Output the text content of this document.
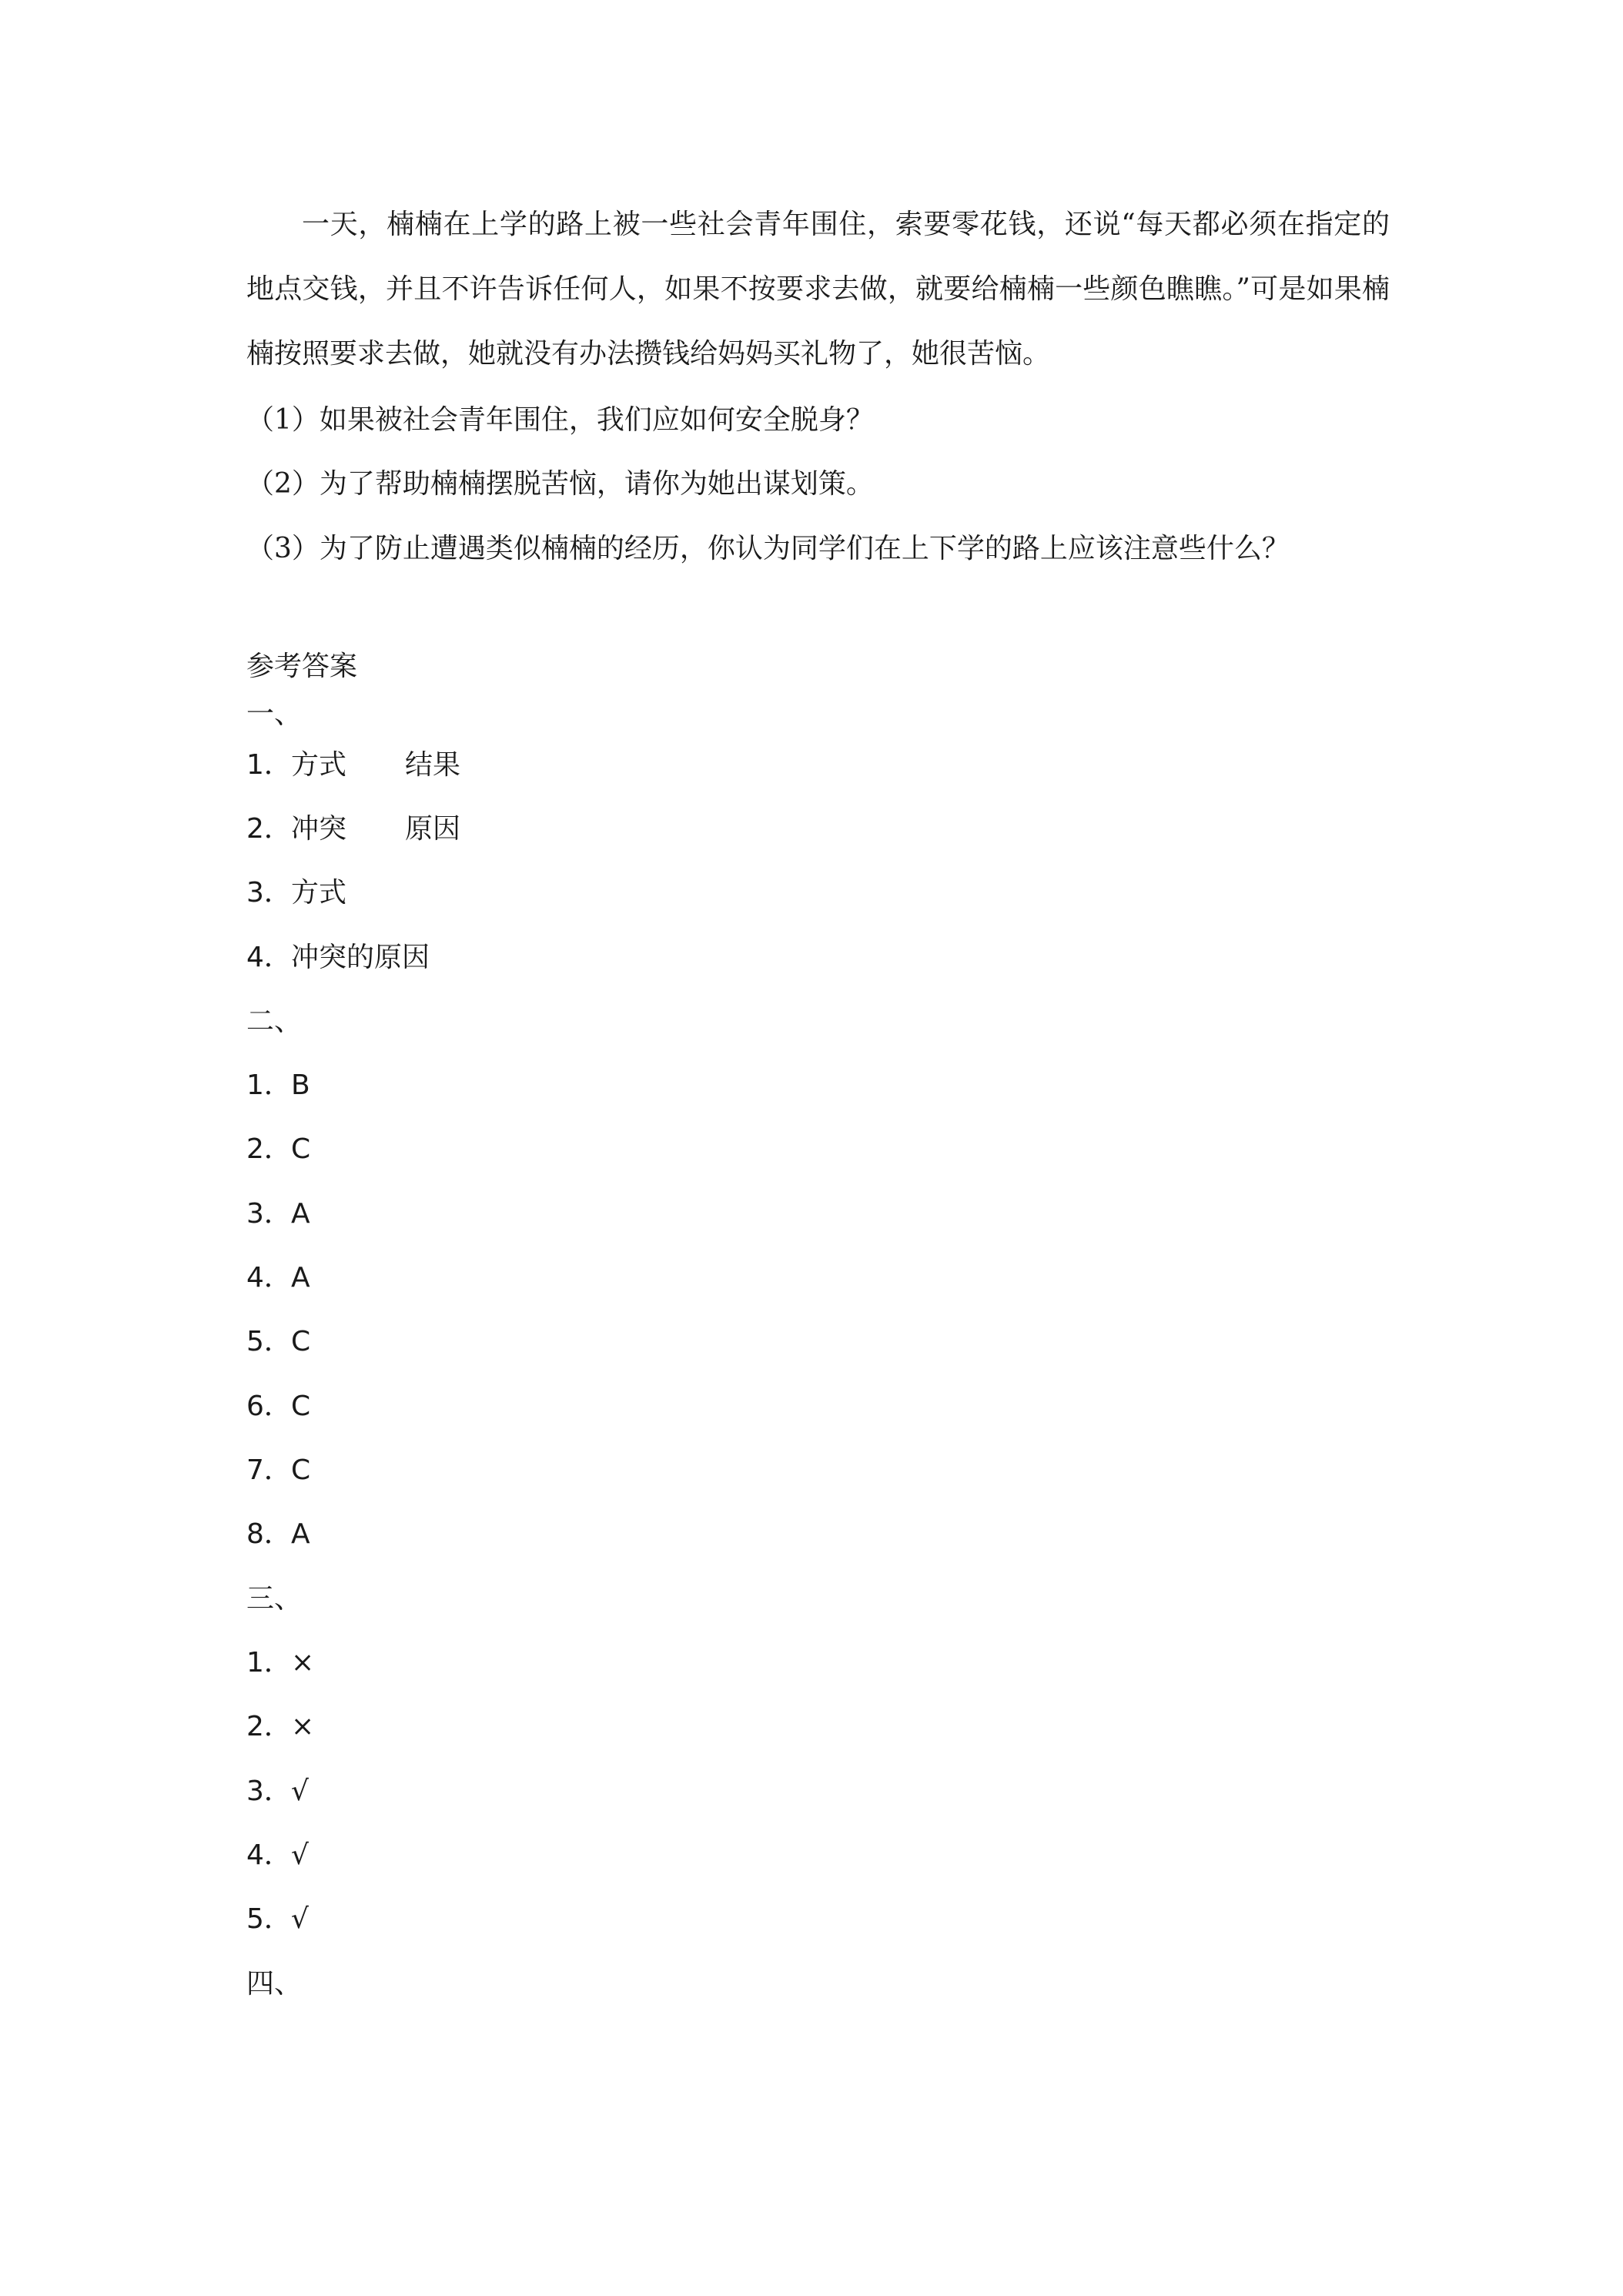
一天，楠楠在上学的路上被一些社会青年围住，索要零花钱，还说“每天都必须在指定的地点交钱，并且不许告诉任何人，如果不按要求去做，就要给楠楠一些颜色瞧瞧。”可是如果楠楠按照要求去做，她就没有办法攒钱给妈妈买礼物了，她很苦恼。

（1）如果被社会青年围住，我们应如何安全脱身？
（2）为了帮助楠楠摆脱苦恼，请你为她出谋划策。
（3）为了防止遭遇类似楠楠的经历，你认为同学们在上下学的路上应该注意些什么？
参考答案
一、
1．方式 结果
2．冲突 原因
3．方式
4．冲突的原因
二、
1．B
2．C
3．A
4．A
5．C
6．C
7．C
8．A
三、
1．×
2．×
3．√
4．√
5．√
四、
